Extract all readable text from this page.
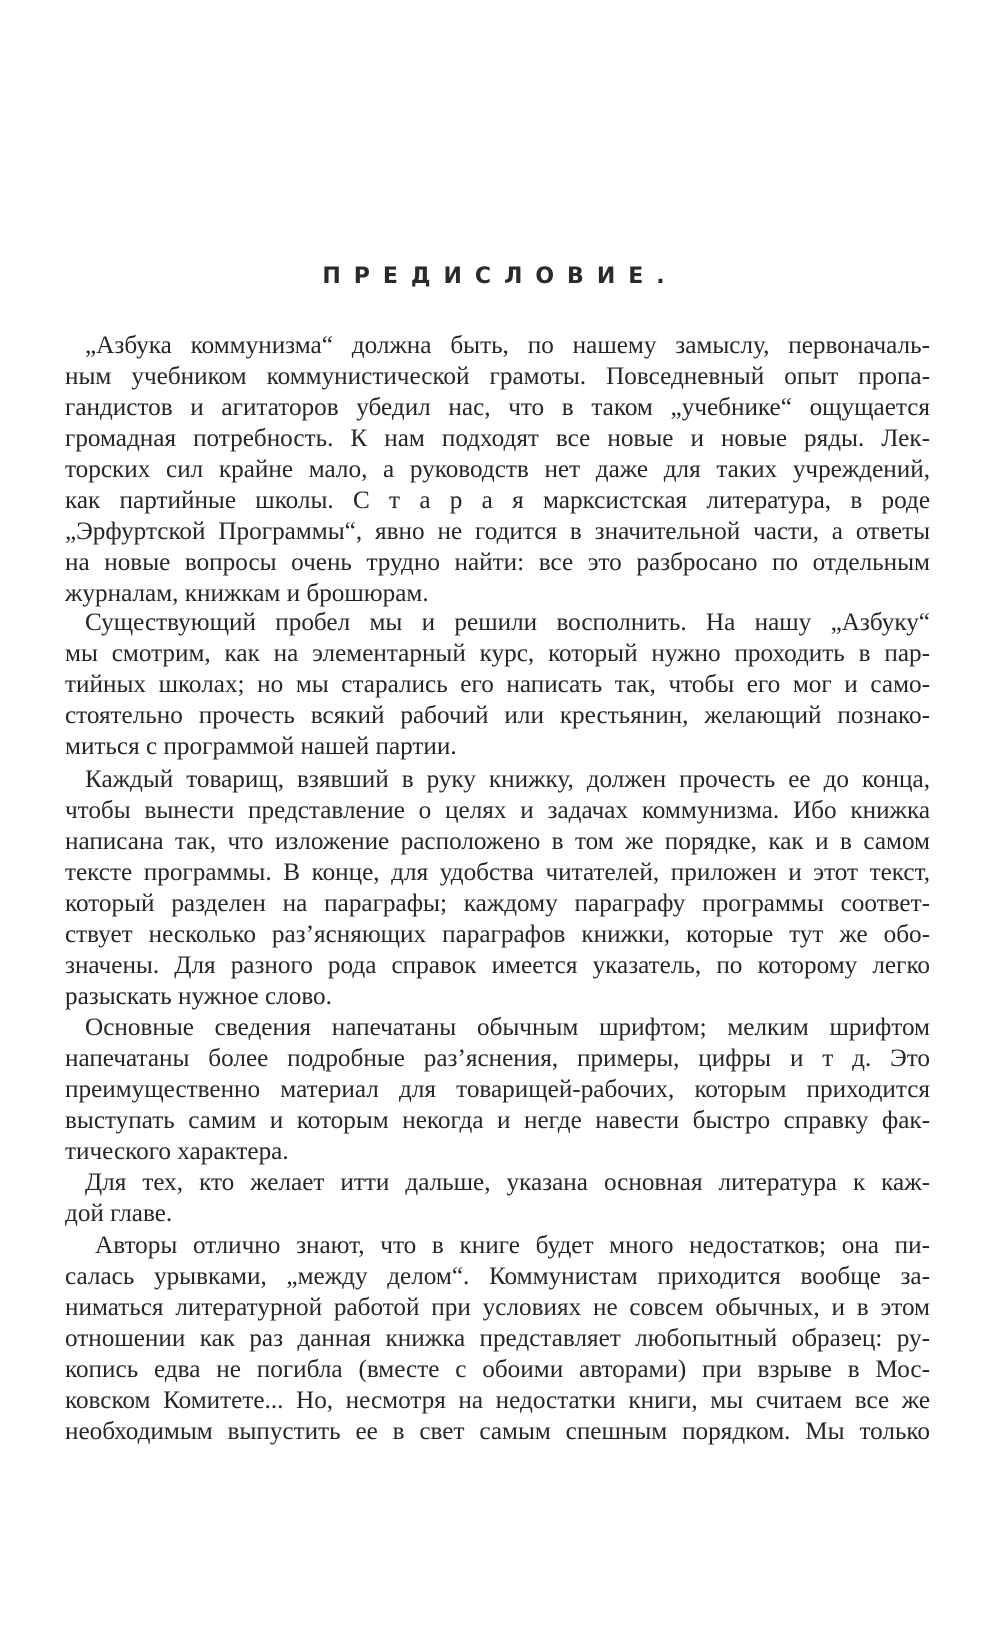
ПРЕДИСЛОВИЕ.
„Азбука коммунизма“ должна быть, по нашему замыслу, первоначаль-
ным учебником коммунистической грамоты. Повседневный опыт пропа-
гандистов и агитаторов убедил нас, что в таком „учебнике“ ощущается
громадная потребность. К нам подходят все новые и новые ряды. Лек-
торских сил крайне мало, а руководств нет даже для таких учреждений,
как партийные школы. С т а р а я марксистская литература, в роде
„Эрфуртской Программы“, явно не годится в значительной части, а ответы
на новые вопросы очень трудно найти: все это разбросано по отдельным
журналам, книжкам и брошюрам.
Существующий пробел мы и решили восполнить. На нашу „Азбуку“
мы смотрим, как на элементарный курс, который нужно проходить в пар-
тийных школах; но мы старались его написать так, чтобы его мог и само-
стоятельно прочесть всякий рабочий или крестьянин, желающий познако-
миться с программой нашей партии.
Каждый товарищ, взявший в руку книжку, должен прочесть ее до конца,
чтобы вынести представление о целях и задачах коммунизма. Ибо книжка
написана так, что изложение расположено в том же порядке, как и в самом
тексте программы. В конце, для удобства читателей, приложен и этот текст,
который разделен на параграфы; каждому параграфу программы соответ-
ствует несколько раз’ясняющих параграфов книжки, которые тут же обо-
значены. Для разного рода справок имеется указатель, по которому легко
разыскать нужное слово.
Основные сведения напечатаны обычным шрифтом; мелким шрифтом
напечатаны более подробные раз’яснения, примеры, цифры и т д. Это
преимущественно материал для товарищей-рабочих, которым приходится
выступать самим и которым некогда и негде навести быстро справку фак-
тического характера.
Для тех, кто желает итти дальше, указана основная литература к каж-
дой главе.
Авторы отлично знают, что в книге будет много недостатков; она пи-
салась урывками, „между делом“. Коммунистам приходится вообще за-
ниматься литературной работой при условиях не совсем обычных, и в этом
отношении как раз данная книжка представляет любопытный образец: ру-
копись едва не погибла (вместе с обоими авторами) при взрыве в Мос-
ковском Комитете... Но, несмотря на недостатки книги, мы считаем все же
необходимым выпустить ее в свет самым спешным порядком. Мы только
